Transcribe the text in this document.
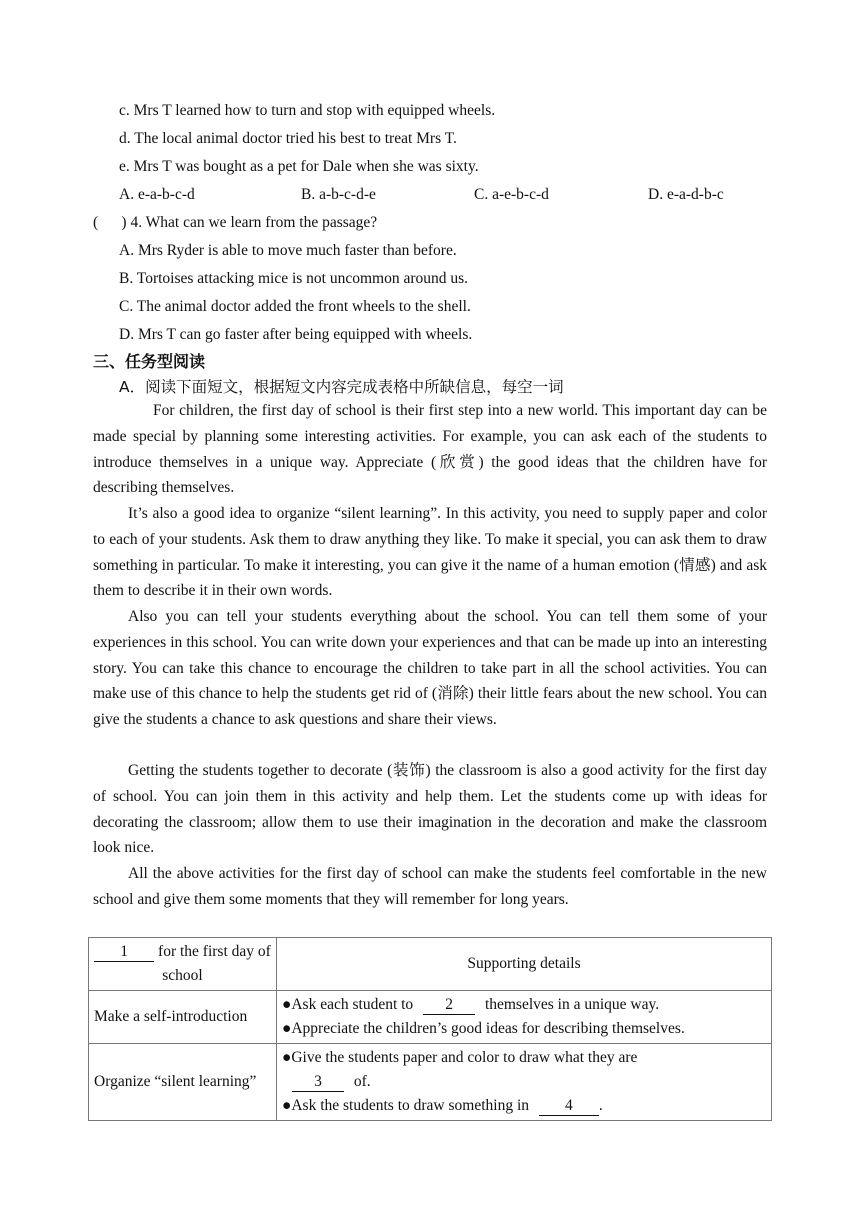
c. Mrs T learned how to turn and stop with equipped wheels.
d. The local animal doctor tried his best to treat Mrs T.
e. Mrs T was bought as a pet for Dale when she was sixty.
A. e-a-b-c-d	B. a-b-c-d-e	C. a-e-b-c-d	D. e-a-d-b-c
(      ) 4. What can we learn from the passage?
A. Mrs Ryder is able to move much faster than before.
B. Tortoises attacking mice is not uncommon around us.
C. The animal doctor added the front wheels to the shell.
D. Mrs T can go faster after being equipped with wheels.
三、任务型阅读
A．阅读下面短文，根据短文内容完成表格中所缺信息，每空一词

For children, the first day of school is their first step into a new world. This important day can be made special by planning some interesting activities. For example, you can ask each of the students to introduce themselves in a unique way. Appreciate (欣赏) the good ideas that the children have for describing themselves.

It’s also a good idea to organize “silent learning”. In this activity, you need to supply paper and color to each of your students. Ask them to draw anything they like. To make it special, you can ask them to draw something in particular. To make it interesting, you can give it the name of a human emotion (情感) and ask them to describe it in their own words.

Also you can tell your students everything about the school. You can tell them some of your experiences in this school. You can write down your experiences and that can be made up into an interesting story. You can take this chance to encourage the children to take part in all the school activities. You can make use of this chance to help the students get rid of (消除) their little fears about the new school. You can give the students a chance to ask questions and share their views.

Getting the students together to decorate (装饰) the classroom is also a good activity for the first day of school. You can join them in this activity and help them. Let the students come up with ideas for decorating the classroom; allow them to use their imagination in the decoration and make the classroom look nice.

All the above activities for the first day of school can make the students feel comfortable in the new school and give them some moments that they will remember for long years.

1 for the first day of school	Supporting details
Make a self-introduction	●Ask each student to 2 themselves in a unique way.
●Appreciate the children’s good ideas for describing themselves.

Organize “silent learning”	●Give the students paper and color to draw what they are
3 of.
●Ask the students to draw something in 4 .
